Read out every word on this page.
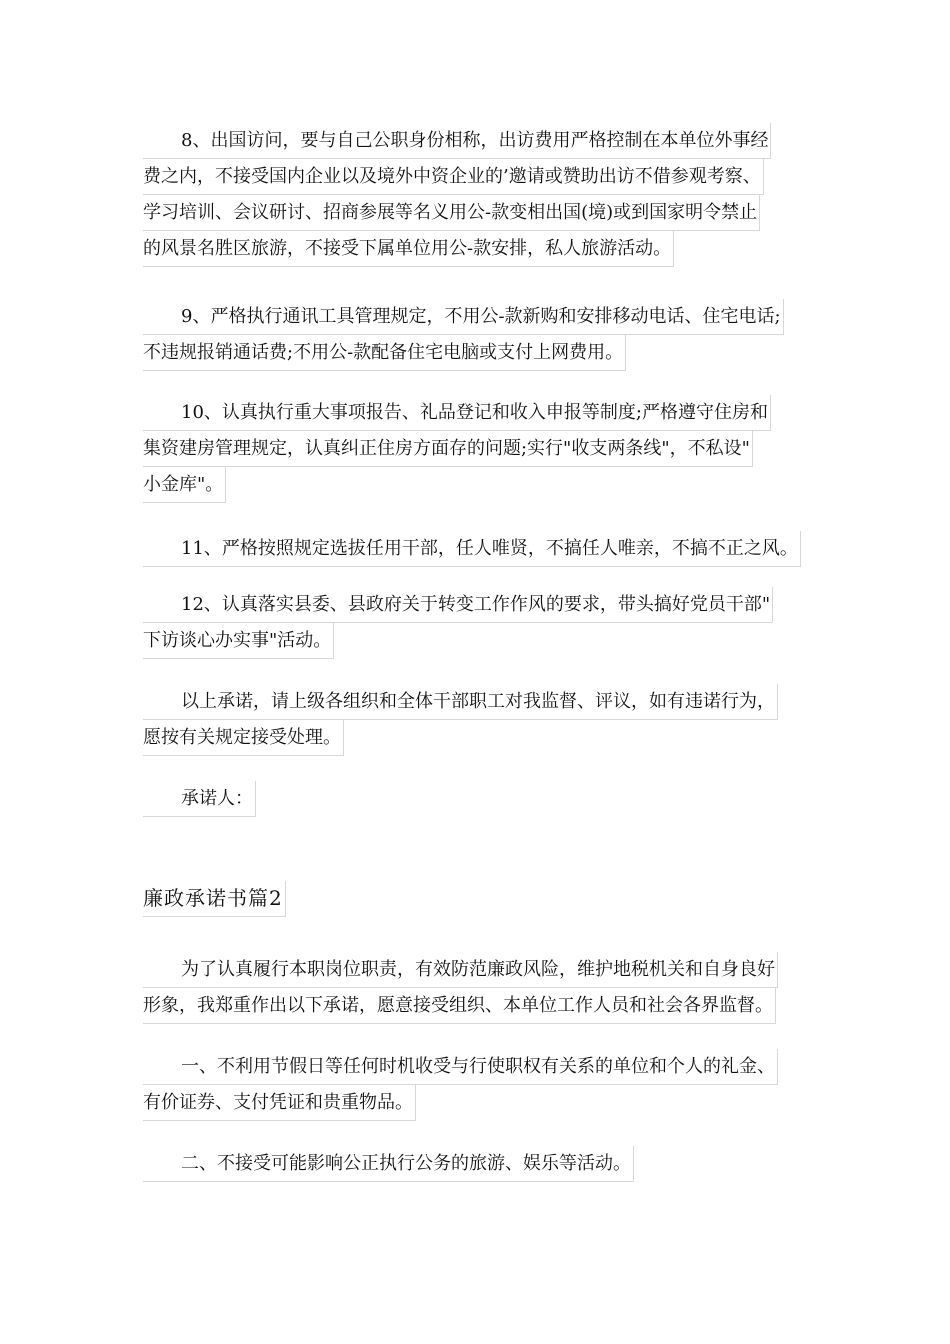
8、出国访问，要与自己公职身份相称，出访费用严格控制在本单位外事经
费之内，不接受国内企业以及境外中资企业的’邀请或赞助出访不借参观考察、
学习培训、会议研讨、招商参展等名义用公-款变相出国(境)或到国家明令禁止
的风景名胜区旅游，不接受下属单位用公-款安排，私人旅游活动。
9、严格执行通讯工具管理规定，不用公-款新购和安排移动电话、住宅电话;
不违规报销通话费;不用公-款配备住宅电脑或支付上网费用。
10、认真执行重大事项报告、礼品登记和收入申报等制度;严格遵守住房和
集资建房管理规定，认真纠正住房方面存的问题;实行"收支两条线"，不私设"
小金库"。
11、严格按照规定选拔任用干部，任人唯贤，不搞任人唯亲，不搞不正之风。
12、认真落实县委、县政府关于转变工作作风的要求，带头搞好党员干部"
下访谈心办实事"活动。
以上承诺，请上级各组织和全体干部职工对我监督、评议，如有违诺行为，
愿按有关规定接受处理。
承诺人：
廉政承诺书篇2
为了认真履行本职岗位职责，有效防范廉政风险，维护地税机关和自身良好
形象，我郑重作出以下承诺，愿意接受组织、本单位工作人员和社会各界监督。
一、不利用节假日等任何时机收受与行使职权有关系的单位和个人的礼金、
有价证券、支付凭证和贵重物品。
二、不接受可能影响公正执行公务的旅游、娱乐等活动。
